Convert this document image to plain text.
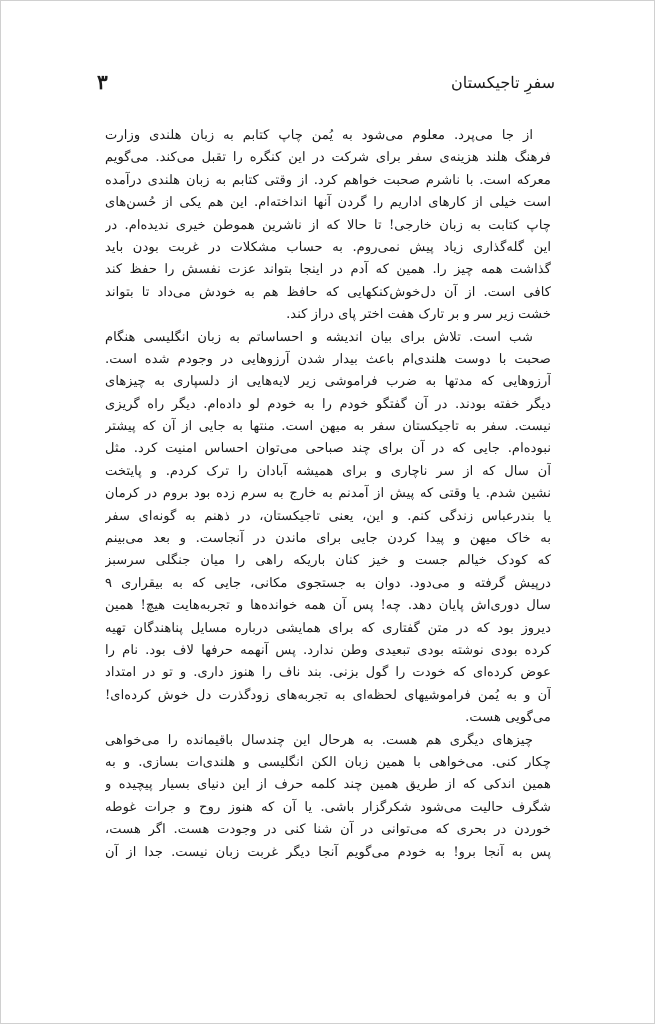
سفرِ تاجیکستان
۳
از جا می‌پرد. معلوم می‌شود به یُمن چاپ کتابم به زبان هلندی وزارت
فرهنگ هلند هزینه‌ی سفر برای شرکت در این کنگره را تقبل می‌کند. می‌گویم
معرکه است. با ناشرم صحبت خواهم کرد. از وقتی کتابم به زبان هلندی درآمده
است خیلی از کارهای اداریم را گردن آنها انداخته‌ام. این هم یکی از حُسن‌های
چاپ کتابت به زبان خارجی! تا حالا که از ناشرین هموطن خیری ندیده‌ام. در
این گله‌گذاری زیاد پیش نمی‌روم. به حساب مشکلات در غربت بودن باید
گذاشت همه چیز را. همین که آدم در اینجا بتواند عزت نفسش را حفظ کند
کافی است. از آن دل‌خوش‌کنکهایی که حافظ هم به خودش می‌داد تا بتواند
خشت زیر سر و بر تارک هفت اختر پای دراز کند.
شب است. تلاش برای بیان اندیشه و احساساتم به زبان انگلیسی هنگام
صحبت با دوست هلندی‌ام باعث بیدار شدن آرزوهایی در وجودم شده است.
آرزوهایی که مدتها به ضرب فراموشی زیر لایه‌هایی از دلسپاری به چیزهای
دیگر خفته بودند. در آن گفتگو خودم را به خودم لو داده‌ام. دیگر راه گریزی
نیست. سفر به تاجیکستان سفر به میهن است. منتها به جایی از آن که پیشتر
نبوده‌ام. جایی که در آن برای چند صباحی می‌توان احساس امنیت کرد. مثل
آن سال که از سر ناچاری و برای همیشه آبادان را ترک کردم. و پایتخت
نشین شدم. یا وقتی که پیش از آمدنم به خارج به سرم زده بود بروم در کرمان
یا بندرعباس زندگی کنم. و این، یعنی تاجیکستان، در ذهنم به گونه‌ای سفر
به خاک میهن و پیدا کردن جایی برای ماندن در آنجاست. و بعد می‌بینم
که کودک خیالم جست و خیز کنان باریکه راهی را میان جنگلی سرسبز
درپیش گرفته و می‌دود. دوان به جستجوی مکانی، جایی که به بیقراری ۹
سال دوری‌اش پایان دهد. چه! پس آن همه خوانده‌ها و تجربه‌هایت هیچ! همین
دیروز بود که در متن گفتاری که برای همایشی درباره مسایل پناهندگان تهیه
کرده بودی نوشته بودی تبعیدی وطن ندارد. پس آنهمه حرفها لاف بود. نام را
عوض کرده‌ای که خودت را گول بزنی. بند ناف را هنوز داری. و تو در امتداد
آن و به یُمن فراموشیهای لحظه‌ای به تجربه‌های زودگذرت دل خوش کرده‌ای!
می‌گویی هست.
چیزهای دیگری هم هست. به هرحال این چندسال باقیمانده را می‌خواهی
چکار کنی. می‌خواهی با همین زبان الکن انگلیسی و هلندی‌ات بسازی. و به
همین اندکی که از طریق همین چند کلمه حرف از این دنیای بسیار پیچیده و
شگرف حالیت می‌شود شکرگزار باشی. یا آن که هنوز روح و جرات غوطه
خوردن در بحری که می‌توانی در آن شنا کنی در وجودت هست. اگر هست،
پس به آنجا برو! به خودم می‌گویم آنجا دیگر غربت زبان نیست. جدا از آن
